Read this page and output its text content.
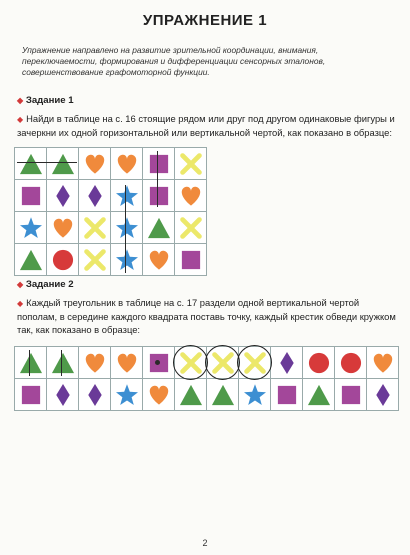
УПРАЖНЕНИЕ 1
Упражнение направлено на развитие зрительной координации, внимания, переключаемости, формирования и дифференциации сенсорных эталонов, совершенствование графомоторной функции.
◆ Задание 1
◆ Найди в таблице на с. 16 стоящие рядом или друг под другом одинаковые фигуры и зачеркни их одной горизонтальной или вертикальной чертой, как показано в образце:
◆ Задание 2
◆ Каждый треугольник в таблице на с. 17 раздели одной вертикальной чертой пополам, в середине каждого квадрата поставь точку, каждый крестик обведи кружком так, как показано в образце:
2
